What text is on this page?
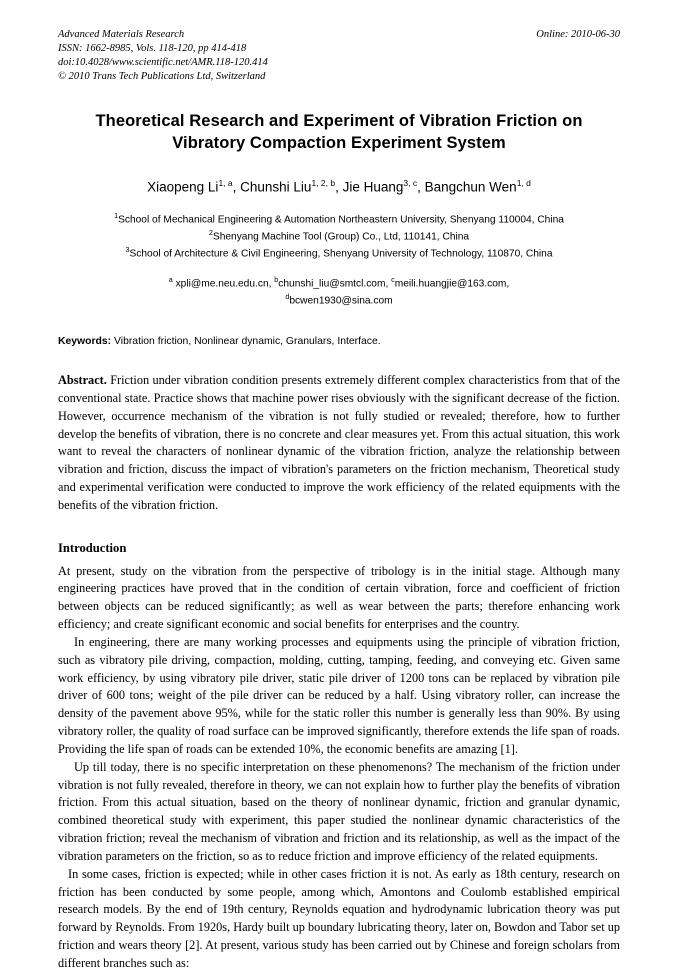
Advanced Materials Research
ISSN: 1662-8985, Vols. 118-120, pp 414-418
doi:10.4028/www.scientific.net/AMR.118-120.414
© 2010 Trans Tech Publications Ltd, Switzerland
Online: 2010-06-30
Theoretical Research and Experiment of Vibration Friction on Vibratory Compaction Experiment System
Xiaopeng Li$^{1, a}$, Chunshi Liu$^{1, 2, b}$, Jie Huang$^{3, c}$, Bangchun Wen$^{1, d}$
$^1$School of Mechanical Engineering & Automation Northeastern University, Shenyang 110004, China
$^2$Shenyang Machine Tool (Group) Co., Ltd, 110141, China
$^3$School of Architecture & Civil Engineering, Shenyang University of Technology, 110870, China
$^a$ xpli@me.neu.edu.cn, $^b$chunshi_liu@smtcl.com, $^c$meili.huangjie@163.com,
$^d$bcwen1930@sina.com
Keywords: Vibration friction, Nonlinear dynamic, Granulars, Interface.
Abstract. Friction under vibration condition presents extremely different complex characteristics from that of the conventional state. Practice shows that machine power rises obviously with the significant decrease of the fiction. However, occurrence mechanism of the vibration is not fully studied or revealed; therefore, how to further develop the benefits of vibration, there is no concrete and clear measures yet. From this actual situation, this work want to reveal the characters of nonlinear dynamic of the vibration friction, analyze the relationship between vibration and friction, discuss the impact of vibration's parameters on the friction mechanism, Theoretical study and experimental verification were conducted to improve the work efficiency of the related equipments with the benefits of the vibration friction.
Introduction
At present, study on the vibration from the perspective of tribology is in the initial stage. Although many engineering practices have proved that in the condition of certain vibration, force and coefficient of friction between objects can be reduced significantly; as well as wear between the parts; therefore enhancing work efficiency; and create significant economic and social benefits for enterprises and the country.
In engineering, there are many working processes and equipments using the principle of vibration friction, such as vibratory pile driving, compaction, molding, cutting, tamping, feeding, and conveying etc. Given same work efficiency, by using vibratory pile driver, static pile driver of 1200 tons can be replaced by vibration pile driver of 600 tons; weight of the pile driver can be reduced by a half. Using vibratory roller, can increase the density of the pavement above 95%, while for the static roller this number is generally less than 90%. By using vibratory roller, the quality of road surface can be improved significantly, therefore extends the life span of roads. Providing the life span of roads can be extended 10%, the economic benefits are amazing [1].
Up till today, there is no specific interpretation on these phenomenons? The mechanism of the friction under vibration is not fully revealed, therefore in theory, we can not explain how to further play the benefits of vibration friction. From this actual situation, based on the theory of nonlinear dynamic, friction and granular dynamic, combined theoretical study with experiment, this paper studied the nonlinear dynamic characteristics of the vibration friction; reveal the mechanism of vibration and friction and its relationship, as well as the impact of the vibration parameters on the friction, so as to reduce friction and improve efficiency of the related equipments.
In some cases, friction is expected; while in other cases friction it is not. As early as 18th century, research on friction has been conducted by some people, among which, Amontons and Coulomb established empirical research models. By the end of 19th century, Reynolds equation and hydrodynamic lubrication theory was put forward by Reynolds. From 1920s, Hardy built up boundary lubricating theory, later on, Bowdon and Tabor set up friction and wears theory [2]. At present, various study has been carried out by Chinese and foreign scholars from different branches such as:
